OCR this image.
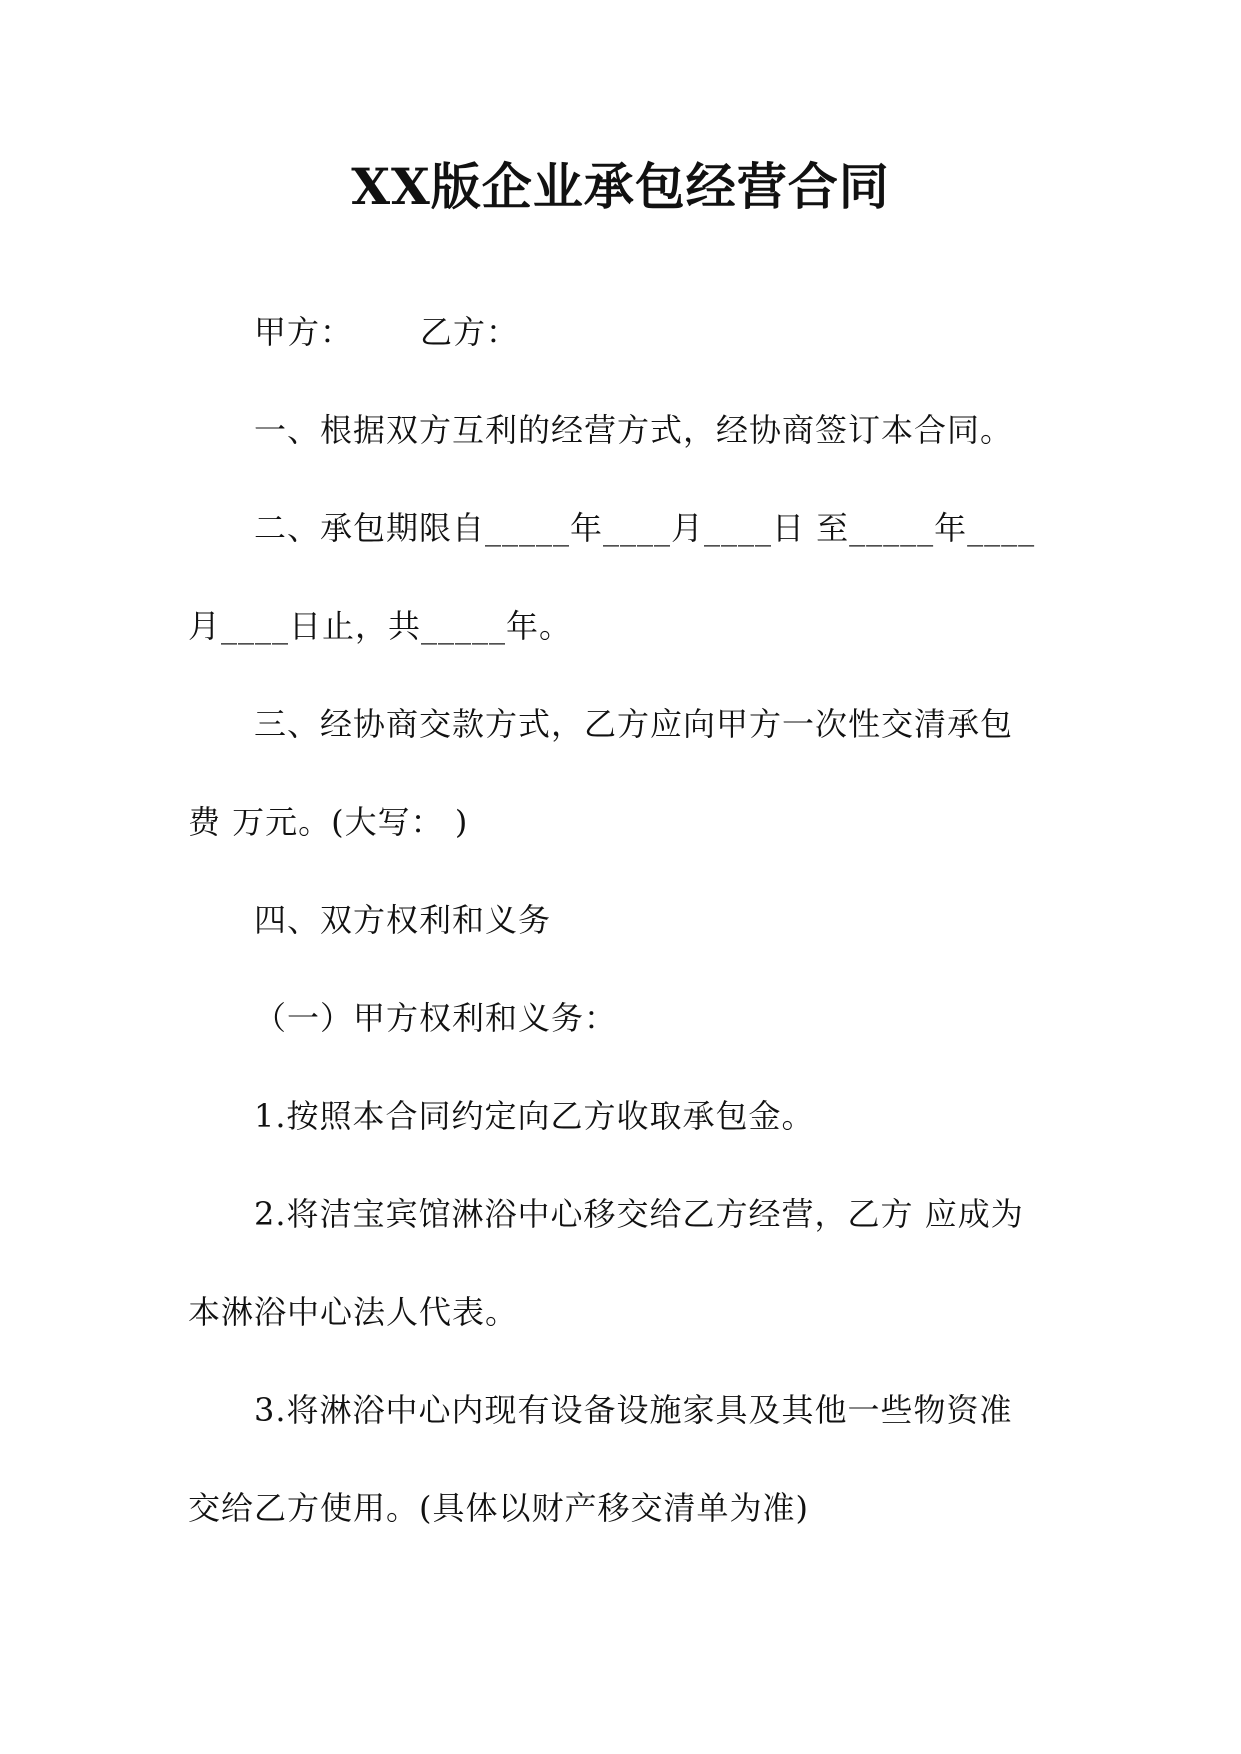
XX版企业承包经营合同

甲方：      乙方：

一、根据双方互利的经营方式，经协商签订本合同。

二、承包期限自_____年____月____日 至_____年____

月____日止，共_____年。

三、经协商交款方式，乙方应向甲方一次性交清承包

费 万元。(大写： )

四、双方权利和义务

（一）甲方权利和义务：

1.按照本合同约定向乙方收取承包金。

2.将洁宝宾馆淋浴中心移交给乙方经营，乙方 应成为

本淋浴中心法人代表。

3.将淋浴中心内现有设备设施家具及其他一些物资准

交给乙方使用。(具体以财产移交清单为准)
